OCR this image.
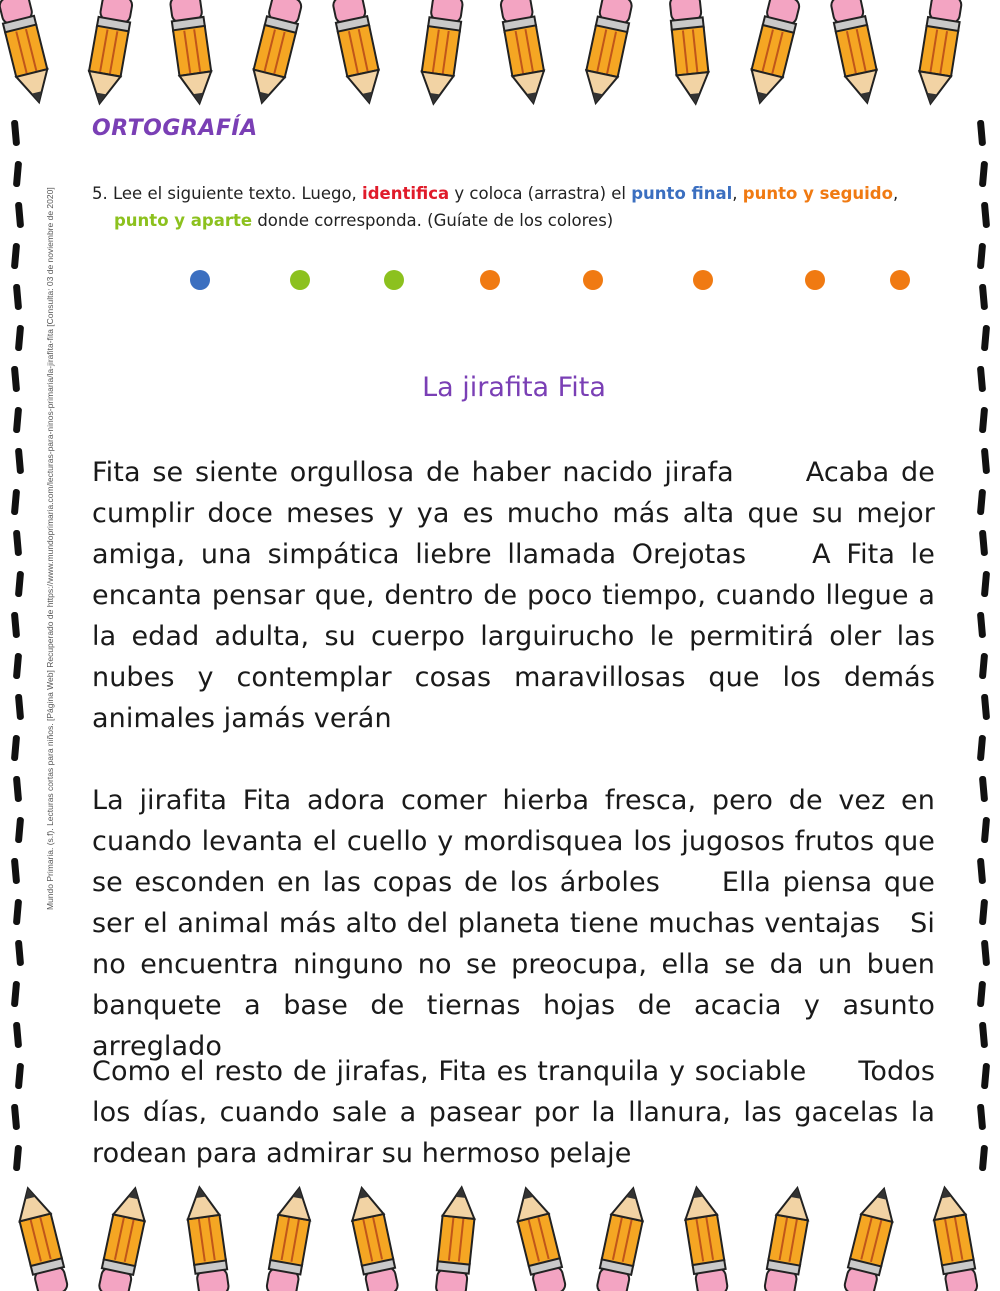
ORTOGRAFÍA
5. Lee el siguiente texto. Luego, identifica y coloca (arrastra) el punto final, punto y seguido,
punto y aparte donde corresponda. (Guíate de los colores)
Mundo Primaria. (s.f). Lecturas cortas para niños. [Página Web] Recuperado de https://www.mundoprimaria.com/lecturas-para-ninos-primaria/la-jirafita-fita [Consulta: 03 de noviembre de 2020]	La jirafita Fita
Fita se siente orgullosa de haber nacido jirafa	Acaba de cumplir doce meses y ya es mucho más alta que su mejor amiga, una simpática liebre llamada Orejotas A Fita le encanta pensar que, dentro de poco tiempo, cuando llegue a la edad adulta, su cuerpo larguirucho le permitirá oler las nubes y contemplar cosas maravillosas que los demás animales jamás verán
La jirafita Fita adora comer hierba fresca, pero de vez en cuando levanta el cuello y mordisquea los jugosos frutos que se esconden en las copas de los árboles Ella piensa que ser el animal más alto del planeta tiene muchas ventajas Si no encuentra ninguno no se preocupa, ella se da un buen banquete a base de tiernas hojas de acacia y asunto arreglado
Como el resto de jirafas, Fita es tranquila y sociable Todos los días, cuando sale a pasear por la llanura, las gacelas la rodean para admirar su hermoso pelaje
